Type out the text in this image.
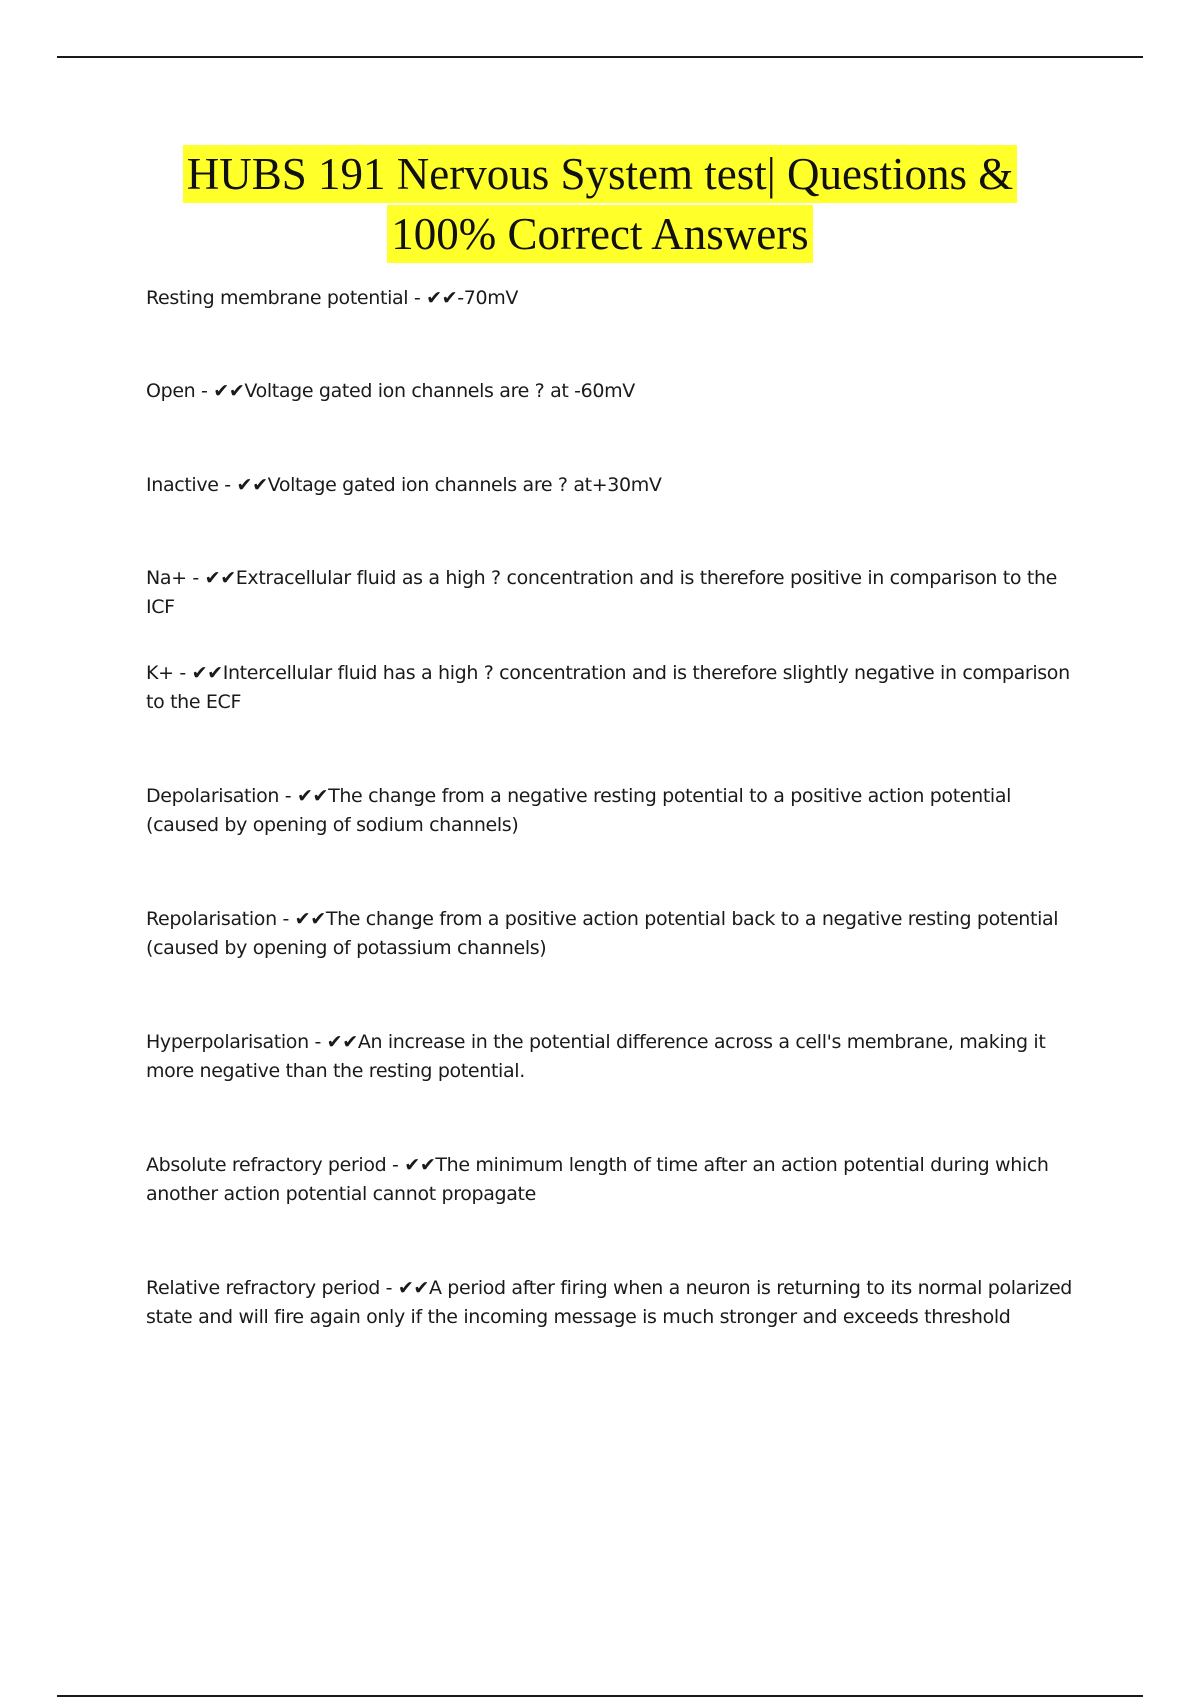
HUBS 191 Nervous System test| Questions &
100% Correct Answers
Resting membrane potential - ✔✔-70mV
Open - ✔✔Voltage gated ion channels are ? at -60mV
Inactive - ✔✔Voltage gated ion channels are ? at+30mV
Na+ - ✔✔Extracellular fluid as a high ? concentration and is therefore positive in comparison to the ICF
K+ - ✔✔Intercellular fluid has a high ? concentration and is therefore slightly negative in comparison to the ECF
Depolarisation - ✔✔The change from a negative resting potential to a positive action potential (caused by opening of sodium channels)
Repolarisation - ✔✔The change from a positive action potential back to a negative resting potential (caused by opening of potassium channels)
Hyperpolarisation - ✔✔An increase in the potential difference across a cell's membrane, making it more negative than the resting potential.
Absolute refractory period - ✔✔The minimum length of time after an action potential during which another action potential cannot propagate
Relative refractory period - ✔✔A period after firing when a neuron is returning to its normal polarized state and will fire again only if the incoming message is much stronger and exceeds threshold
